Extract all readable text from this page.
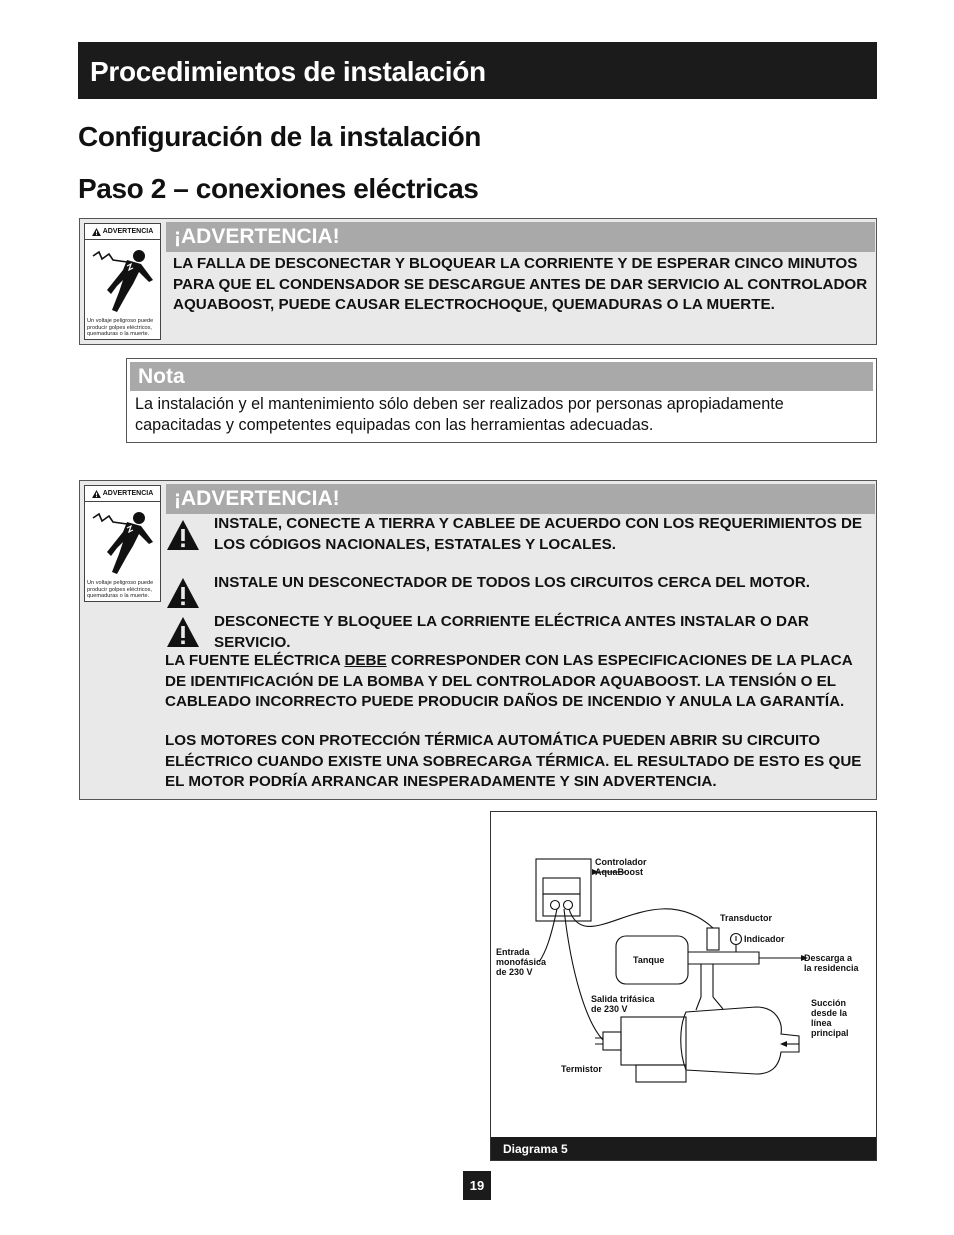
Procedimientos de instalación
Configuración de la instalación
Paso 2 – conexiones eléctricas
ADVERTENCIA
Un voltaje peligroso puede producir golpes eléctricos, quemaduras o la muerte.
¡ADVERTENCIA!
LA FALLA DE DESCONECTAR Y BLOQUEAR LA CORRIENTE Y DE ESPERAR CINCO MINUTOS PARA QUE EL CONDENSADOR SE DESCARGUE ANTES DE DAR SERVICIO AL CONTROLADOR AQUABOOST, PUEDE CAUSAR ELECTROCHOQUE, QUEMADURAS O LA MUERTE.
Nota
La instalación y el mantenimiento sólo deben ser realizados por personas apropiadamente capacitadas y competentes equipadas con las herramientas adecuadas.
ADVERTENCIA
Un voltaje peligroso puede producir golpes eléctricos, quemaduras o la muerte.
¡ADVERTENCIA!
INSTALE, CONECTE A TIERRA Y CABLEE DE ACUERDO CON LOS REQUERIMIENTOS DE LOS CÓDIGOS NACIONALES, ESTATALES Y LOCALES.
INSTALE UN DESCONECTADOR DE TODOS LOS CIRCUITOS CERCA DEL MOTOR.
DESCONECTE Y BLOQUEE LA CORRIENTE ELÉCTRICA ANTES INSTALAR O DAR SERVICIO.
LA FUENTE ELÉCTRICA DEBE CORRESPONDER CON LAS ESPECIFICACIONES DE LA PLACA DE IDENTIFICACIÓN DE LA BOMBA Y DEL CONTROLADOR AQUABOOST. LA TENSIÓN O EL CABLEADO INCORRECTO PUEDE PRODUCIR DAÑOS DE INCENDIO Y ANULA LA GARANTÍA.
LOS MOTORES CON PROTECCIÓN TÉRMICA AUTOMÁTICA PUEDEN ABRIR SU CIRCUITO ELÉCTRICO CUANDO EXISTE UNA SOBRECARGA TÉRMICA. EL RESULTADO DE ESTO ES QUE EL MOTOR PODRÍA ARRANCAR INESPERADAMENTE Y SIN ADVERTENCIA.
Controlador
AquaBoost
Transductor
Indicador
Entrada
monofásica
de 230 V
Tanque	Descarga a
la residencia
Salida trifásica
de 230 V
Succión
desde la
línea
principal
Termistor
Diagrama 5
19
